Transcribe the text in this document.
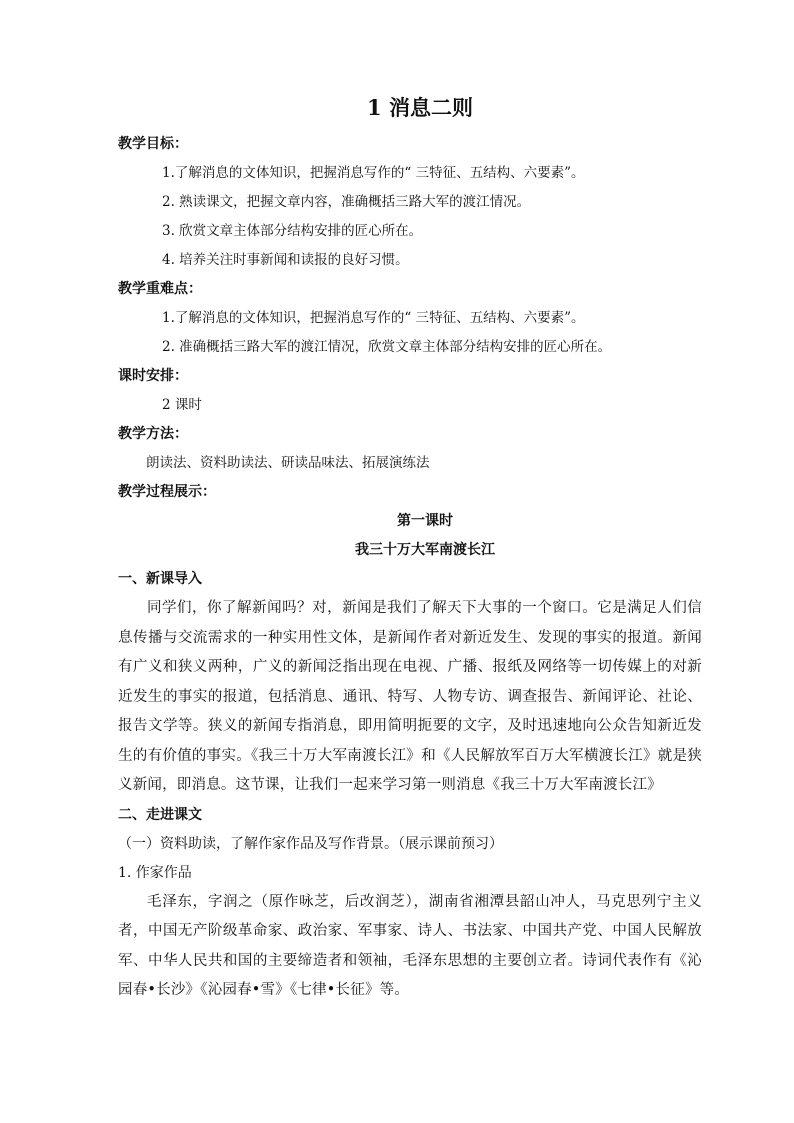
1 消息二则

教学目标：

1.了解消息的文体知识，把握消息写作的“ 三特征、五结构、六要素”。

2. 熟读课文，把握文章内容，准确概括三路大军的渡江情况。

3. 欣赏文章主体部分结构安排的匠心所在。

4. 培养关注时事新闻和读报的良好习惯。

教学重难点：

1.了解消息的文体知识，把握消息写作的“ 三特征、五结构、六要素”。

2. 准确概括三路大军的渡江情况，欣赏文章主体部分结构安排的匠心所在。

课时安排：

2 课时

教学方法：

朗读法、资料助读法、研读品味法、拓展演练法

教学过程展示：

第一课时

我三十万大军南渡长江

一、新课导入

同学们，你了解新闻吗？对，新闻是我们了解天下大事的一个窗口。它是满足人们信息传播与交流需求的一种实用性文体，是新闻作者对新近发生、发现的事实的报道。新闻有广义和狭义两种，广义的新闻泛指出现在电视、广播、报纸及网络等一切传媒上的对新近发生的事实的报道，包括消息、通讯、特写、人物专访、调查报告、新闻评论、社论、报告文学等。狭义的新闻专指消息，即用简明扼要的文字，及时迅速地向公众告知新近发生的有价值的事实。《我三十万大军南渡长江》和《人民解放军百万大军横渡长江》就是狭义新闻，即消息。这节课，让我们一起来学习第一则消息《我三十万大军南渡长江》

二、走进课文

（一）资料助读，了解作家作品及写作背景。（展示课前预习）

1. 作家作品

毛泽东，字润之（原作咏芝，后改润芝），湖南省湘潭县韶山冲人，马克思列宁主义者，中国无产阶级革命家、政治家、军事家、诗人、书法家、中国共产党、中国人民解放军、中华人民共和国的主要缔造者和领袖，毛泽东思想的主要创立者。诗词代表作有《沁园春•长沙》《沁园春•雪》《七律•长征》等。
